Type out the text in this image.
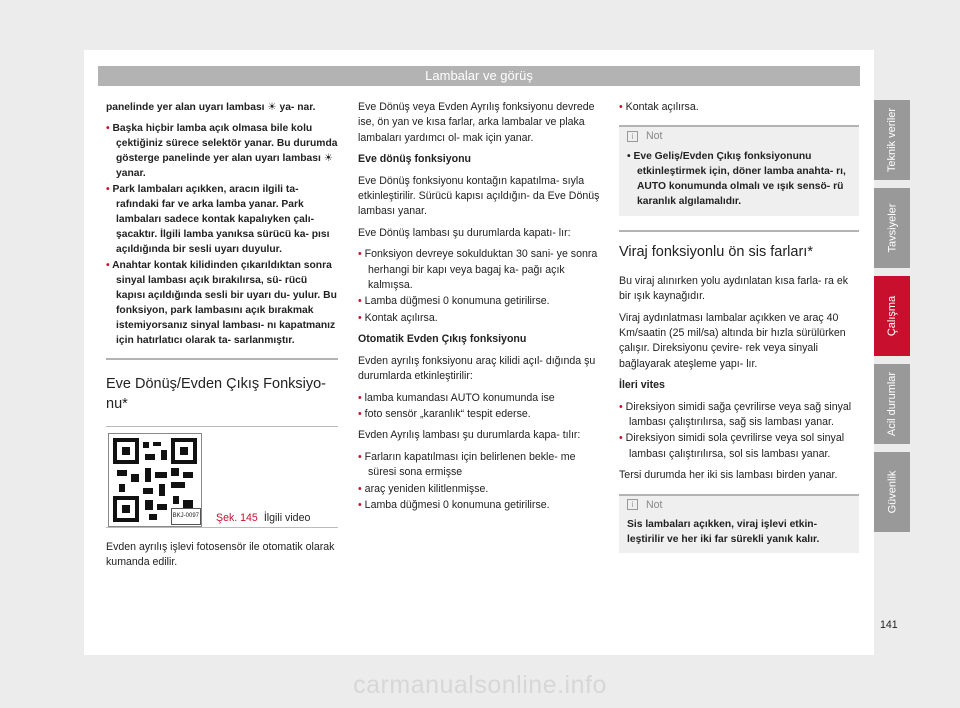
Lambalar ve görüş

panelinde yer alan uyarı lambası ☀ ya- nar.

• Başka hiçbir lamba açık olmasa bile kolu çektiğiniz sürece selektör yanar. Bu durumda gösterge panelinde yer alan uyarı lambası ☀ yanar.
• Park lambaları açıkken, aracın ilgili ta- rafındaki far ve arka lamba yanar. Park lambaları sadece kontak kapalıyken çalı- şacaktır. İlgili lamba yanıksa sürücü ka- pısı açıldığında bir sesli uyarı duyulur.
• Anahtar kontak kilidinden çıkarıldıktan sonra sinyal lambası açık bırakılırsa, sü- rücü kapısı açıldığında sesli bir uyarı du- yulur. Bu fonksiyon, park lambasını açık bırakmak istemiyorsanız sinyal lambası- nı kapatmanız için hatırlatıcı olarak ta- sarlanmıştır.
Eve Dönüş/Evden Çıkış Fonksiyo- nu*
BKJ-0097 Şek. 145 İlgili video

Evden ayrılış işlevi fotosensör ile otomatik olarak kumanda edilir.

Eve Dönüş veya Evden Ayrılış fonksiyonu devrede ise, ön yan ve kısa farlar, arka lambalar ve plaka lambaları yardımcı ol- mak için yanar.

Eve dönüş fonksiyonu

Eve Dönüş fonksiyonu kontağın kapatılma- sıyla etkinleştirilir. Sürücü kapısı açıldığın- da Eve Dönüş lambası yanar.

Eve Dönüş lambası şu durumlarda kapatı- lır:

• Fonksiyon devreye sokulduktan 30 sani- ye sonra herhangi bir kapı veya bagaj ka- pağı açık kalmışsa.
• Lamba düğmesi 0 konumuna getirilirse.
• Kontak açılırsa.

Otomatik Evden Çıkış fonksiyonu

Evden ayrılış fonksiyonu araç kilidi açıl- dığında şu durumlarda etkinleştirilir:

• lamba kumandası AUTO konumunda ise
• foto sensör „karanlık“ tespit ederse.

Evden Ayrılış lambası şu durumlarda kapa- tılır:

• Farların kapatılması için belirlenen bekle- me süresi sona ermişse
• araç yeniden kilitlenmişse.
• Lamba düğmesi 0 konumuna getirilirse.
• Kontak açılırsa.
i Not
• Eve Geliş/Evden Çıkış fonksiyonunu etkinleştirmek için, döner lamba anahta- rı, AUTO konumunda olmalı ve ışık sensö- rü karanlık algılamalıdır.
Viraj fonksiyonlu ön sis farları*

Bu viraj alınırken yolu aydınlatan kısa farla- ra ek bir ışık kaynağıdır.

Viraj aydınlatması lambalar açıkken ve araç 40 Km/saatin (25 mil/sa) altında bir hızla sürülürken çalışır. Direksiyonu çevire- rek veya sinyali bağlayarak ateşleme yapı- lır.

İleri vites

• Direksiyon simidi sağa çevrilirse veya sağ sinyal lambası çalıştırılırsa, sağ sis lambası yanar.
• Direksiyon simidi sola çevrilirse veya sol sinyal lambası çalıştırılırsa, sol sis lambası yanar.

Tersi durumda her iki sis lambası birden yanar.

i Not
Sis lambaları açıkken, viraj işlevi etkin- leştirilir ve her iki far sürekli yanık kalır.
Teknik veriler
Tavsiyeler
Çalışma
Acil durumlar
Güvenlik
141
carmanualsonline.info
